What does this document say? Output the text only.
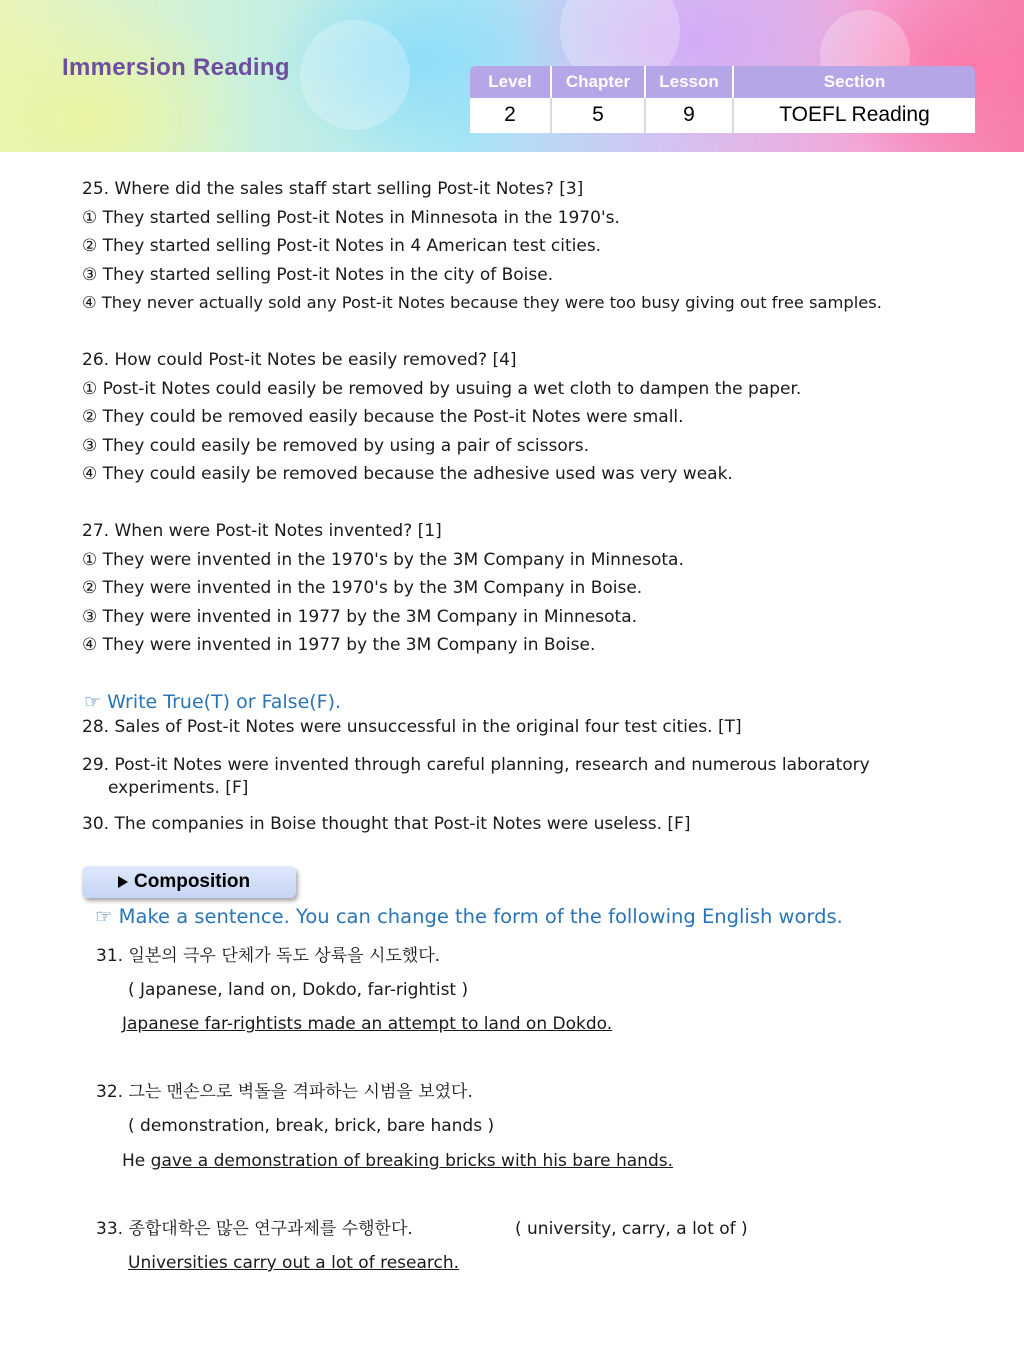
Immersion Reading
Level	Chapter	Lesson	Section
2	5	9	TOEFL Reading
25. Where did the sales staff start selling Post-it Notes? [3]
① They started selling Post-it Notes in Minnesota in the 1970's.
② They started selling Post-it Notes in 4 American test cities.
③ They started selling Post-it Notes in the city of Boise.
④ They never actually sold any Post-it Notes because they were too busy giving out free samples.
26. How could Post-it Notes be easily removed? [4]
① Post-it Notes could easily be removed by usuing a wet cloth to dampen the paper.
② They could be removed easily because the Post-it Notes were small.
③ They could easily be removed by using a pair of scissors.
④ They could easily be removed because the adhesive used was very weak.
27. When were Post-it Notes invented? [1]
① They were invented in the 1970's by the 3M Company in Minnesota.
② They were invented in the 1970's by the 3M Company in Boise.
③ They were invented in 1977 by the 3M Company in Minnesota.
④ They were invented in 1977 by the 3M Company in Boise.
☞ Write True(T) or False(F).
28. Sales of Post-it Notes were unsuccessful in the original four test cities. [T]
29. Post-it Notes were invented through careful planning, research and numerous laboratory
experiments. [F]
30. The companies in Boise thought that Post-it Notes were useless. [F]
Composition
☞ Make a sentence. You can change the form of the following English words.
31. 일본의 극우 단체가 독도 상륙을 시도했다.
( Japanese, land on, Dokdo, far-rightist )
Japanese far-rightists made an attempt to land on Dokdo.
32. 그는 맨손으로 벽돌을 격파하는 시범을 보였다.
( demonstration, break, brick, bare hands )
He gave a demonstration of breaking bricks with his bare hands.
33. 종합대학은 많은 연구과제를 수행한다.	( university, carry, a lot of )
Universities carry out a lot of research.
